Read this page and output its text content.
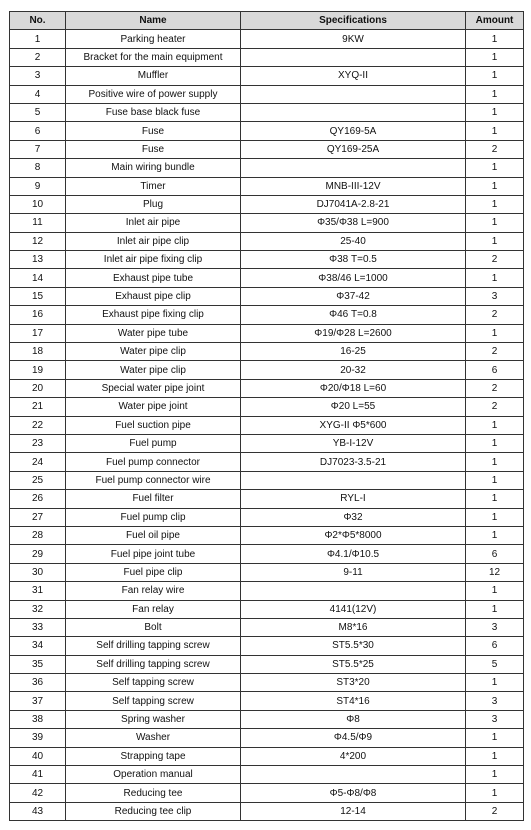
No.	Name	Specifications	Amount
1	Parking heater	9KW	1
2	Bracket for the main equipment		1
3	Muffler	XYQ-II	1
4	Positive wire of power supply		1
5	Fuse base black fuse		1
6	Fuse	QY169-5A	1
7	Fuse	QY169-25A	2
8	Main wiring bundle		1
9	Timer	MNB-III-12V	1
10	Plug	DJ7041A-2.8-21	1
11	Inlet air pipe	Φ35/Φ38 L=900	1
12	Inlet air pipe clip	25-40	1
13	Inlet air pipe fixing clip	Φ38 T=0.5	2
14	Exhaust pipe tube	Φ38/46 L=1000	1
15	Exhaust pipe clip	Φ37-42	3
16	Exhaust pipe fixing clip	Φ46 T=0.8	2
17	Water pipe tube	Φ19/Φ28 L=2600	1
18	Water pipe clip	16-25	2
19	Water pipe clip	20-32	6
20	Special water pipe joint	Φ20/Φ18 L=60	2
21	Water pipe joint	Φ20 L=55	2
22	Fuel suction pipe	XYG-II Φ5*600	1
23	Fuel pump	YB-I-12V	1
24	Fuel pump connector	DJ7023-3.5-21	1
25	Fuel pump connector wire		1
26	Fuel filter	RYL-I	1
27	Fuel pump clip	Φ32	1
28	Fuel oil pipe	Φ2*Φ5*8000	1
29	Fuel pipe joint tube	Φ4.1/Φ10.5	6
30	Fuel pipe clip	9-11	12
31	Fan relay wire		1
32	Fan relay	4141(12V)	1
33	Bolt	M8*16	3
34	Self drilling tapping screw	ST5.5*30	6
35	Self drilling tapping screw	ST5.5*25	5
36	Self tapping screw	ST3*20	1
37	Self tapping screw	ST4*16	3
38	Spring washer	Φ8	3
39	Washer	Φ4.5/Φ9	1
40	Strapping tape	4*200	1
41	Operation manual		1
42	Reducing tee	Φ5-Φ8/Φ8	1
43	Reducing tee clip	12-14	2
